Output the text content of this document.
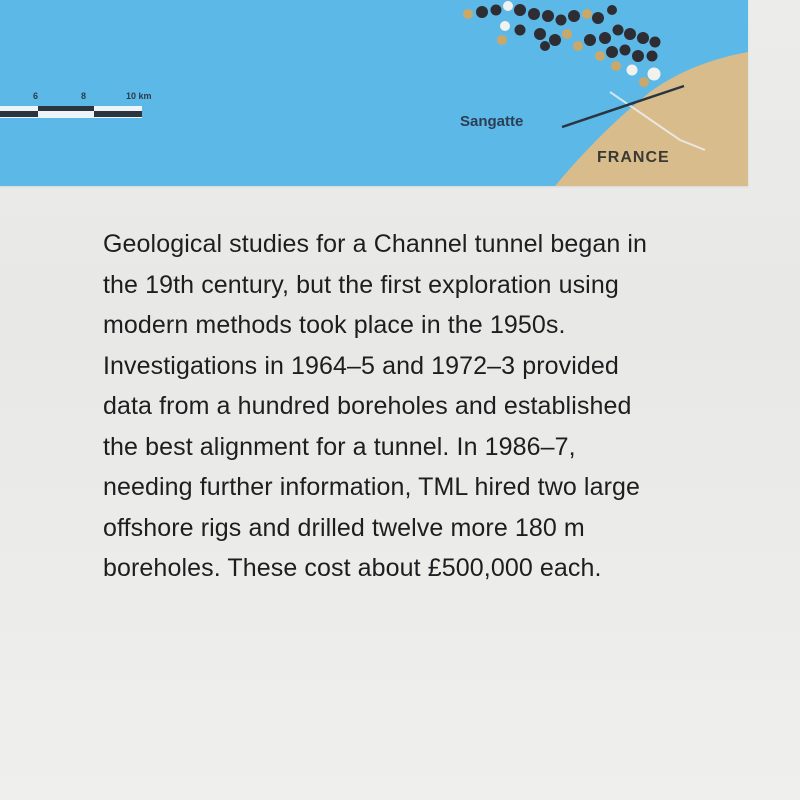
6	8	10 km
Sangatte
FRANCE

Geological studies for a Channel tunnel began in

the 19th century, but the first exploration using

modern methods took place in the 1950s.

Investigations in 1964–5 and 1972–3 provided

data from a hundred boreholes and established

the best alignment for a tunnel. In 1986–7,

needing further information, TML hired two large

offshore rigs and drilled twelve more 180 m

boreholes. These cost about £500,000 each.
